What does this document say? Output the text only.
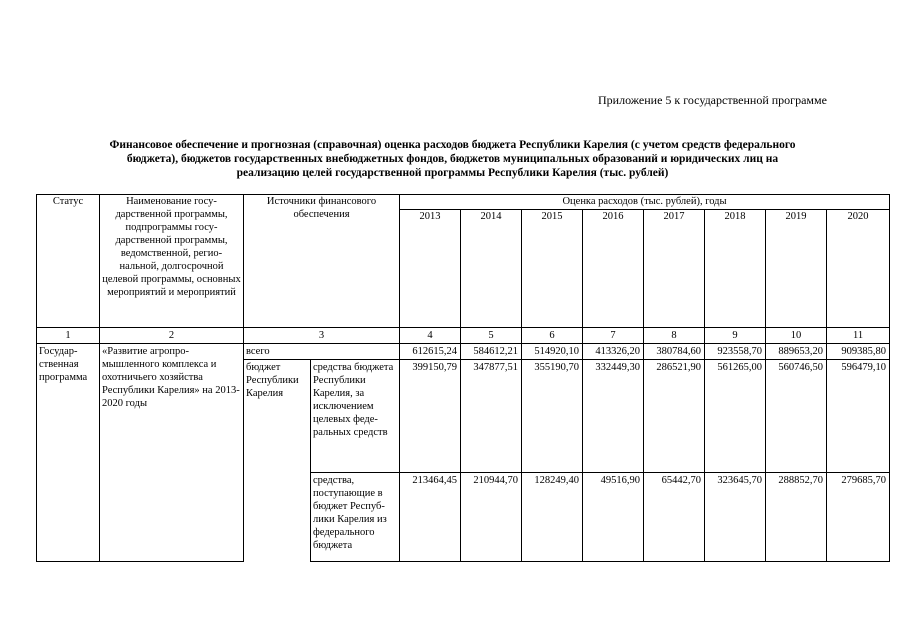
Приложение 5 к государственной программе
Финансовое обеспечение и прогнозная (справочная) оценка расходов бюджета Республики Карелия (с учетом средств федерального
бюджета), бюджетов государственных внебюджетных фондов, бюджетов муниципальных образований и юридических лиц на
реализацию целей государственной программы Республики Карелия (тыс. рублей)
Статус	Наименование госу-дарственной программы, подпрограммы госу-дарственной программы, ведомственной, регио-нальной, долгосрочной целевой программы, основных мероприятий и мероприятий	Источники финансового обеспечения		Оценка расходов (тыс. рублей), годы							
				2013	2014	2015	2016	2017	2018	2019	2020
1	2	3		4	5	6	7	8	9	10	11
Государ-ственная программа	«Развитие агропро-мышленного комплекса и охотничьего хозяйства Республики Карелия» на 2013-2020 годы	всего		612615,24	584612,21	514920,10	413326,20	380784,60	923558,70	889653,20	909385,80
		бюджет Республики Карелия	средства бюджета Республики Карелия, за исключением целевых феде-ральных средств	399150,79	347877,51	355190,70	332449,30	286521,90	561265,00	560746,50	596479,10
			средства, поступающие в бюджет Респуб-лики Карелия из федерального бюджета	213464,45	210944,70	128249,40	49516,90	65442,70	323645,70	288852,70	279685,70
